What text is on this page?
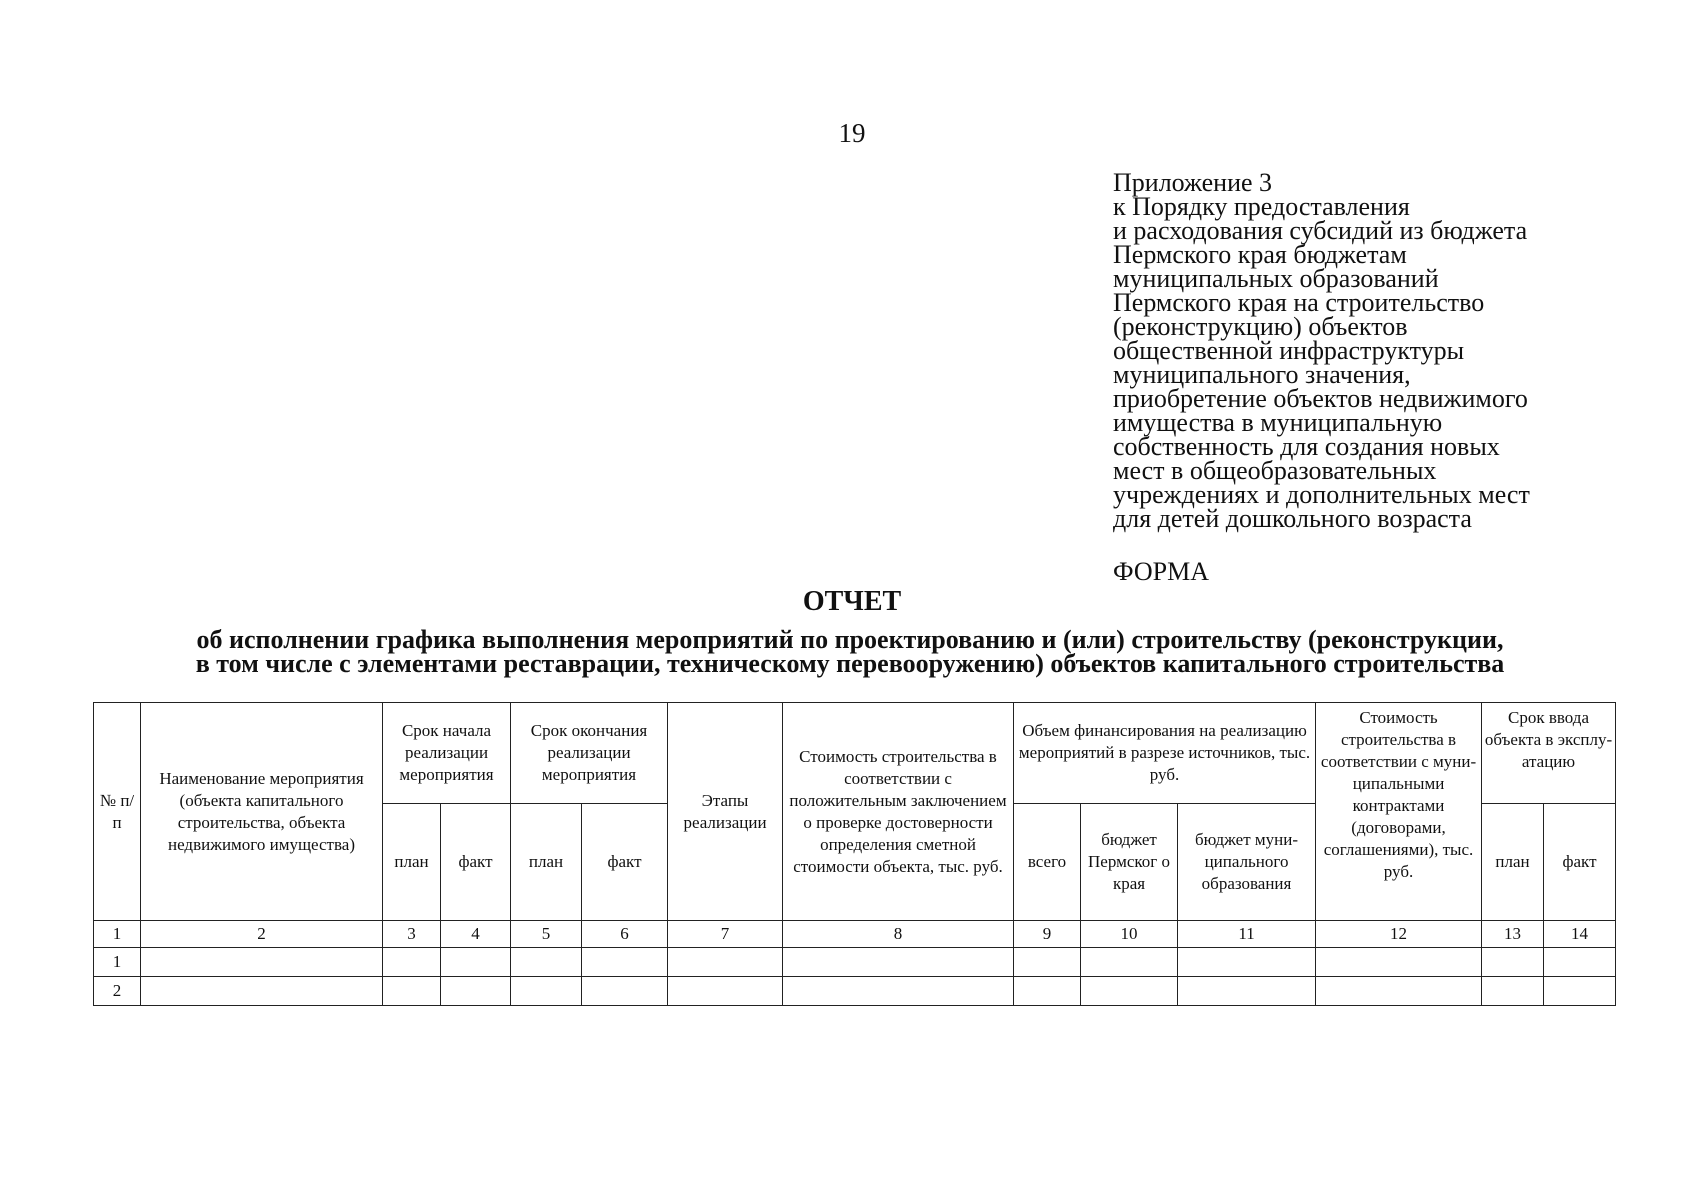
19
Приложение 3
к Порядку предоставления
и расходования субсидий из бюджета
Пермского края бюджетам
муниципальных образований
Пермского края на строительство
(реконструкцию) объектов
общественной инфраструктуры
муниципального значения,
приобретение объектов недвижимого
имущества в муниципальную
собственность для создания новых
мест в общеобразовательных
учреждениях и дополнительных мест
для детей дошкольного возраста
ФОРМА
ОТЧЕТ
об исполнении графика выполнения мероприятий по проектированию и (или) строительству (реконструкции,
в том числе с элементами реставрации, техническому перевооружению) объектов капитального строительства
№ п/п	Наименование мероприятия (объекта капитального строительства, объекта недвижимого имущества)	Срок начала реализации мероприятия		Срок окончания реализации мероприятия		Этапы реализации	Стоимость строительства в соответствии с положительным заключением о проверке достоверности определения сметной стоимости объекта, тыс. руб.	Объем финансирования на реализацию мероприятий в разрезе источников, тыс. руб.			Стоимость строительства в соответствии с муни-ципальными контрактами (договорами, соглашениями), тыс. руб.	Срок ввода объекта в эксплу-атацию	
		план	факт	план	факт			всего	бюджет Пермског о края	бюджет муни-ципального образования		план	факт
1	2	3	4	5	6	7	8	9	10	11	12	13	14
1													
2													
